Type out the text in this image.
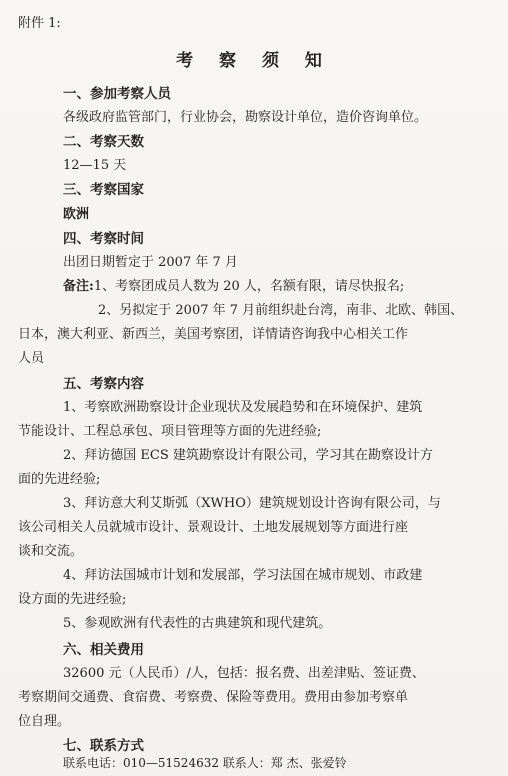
附件 1:
考 察 须 知
一、参加考察人员
各级政府监管部门，行业协会，勘察设计单位，造价咨询单位。
二、考察天数
12—15 天
三、考察国家
欧洲
四、考察时间
出团日期暂定于 2007 年 7 月
备注:1、考察团成员人数为 20 人，名额有限，请尽快报名;
2、另拟定于 2007 年 7 月前组织赴台湾，南非、北欧、韩国、
日本，澳大利亚、新西兰，美国考察团，详情请咨询我中心相关工作
人员
五、考察内容
1、考察欧洲勘察设计企业现状及发展趋势和在环境保护、建筑
节能设计、工程总承包、项目管理等方面的先进经验;
2、拜访德国 ECS 建筑勘察设计有限公司，学习其在勘察设计方
面的先进经验;
3、拜访意大利艾斯弧（XWHO）建筑规划设计咨询有限公司，与
该公司相关人员就城市设计、景观设计、土地发展规划等方面进行座
谈和交流。
4、拜访法国城市计划和发展部，学习法国在城市规划、市政建
设方面的先进经验;
5、参观欧洲有代表性的古典建筑和现代建筑。
六、相关费用
32600 元（人民币）/人，包括：报名费、出差津贴、签证费、
考察期间交通费、食宿费、考察费、保险等费用。费用由参加考察单
位自理。
七、联系方式
联系电话：010—51524632 联系人：郑 杰、张爱铃
